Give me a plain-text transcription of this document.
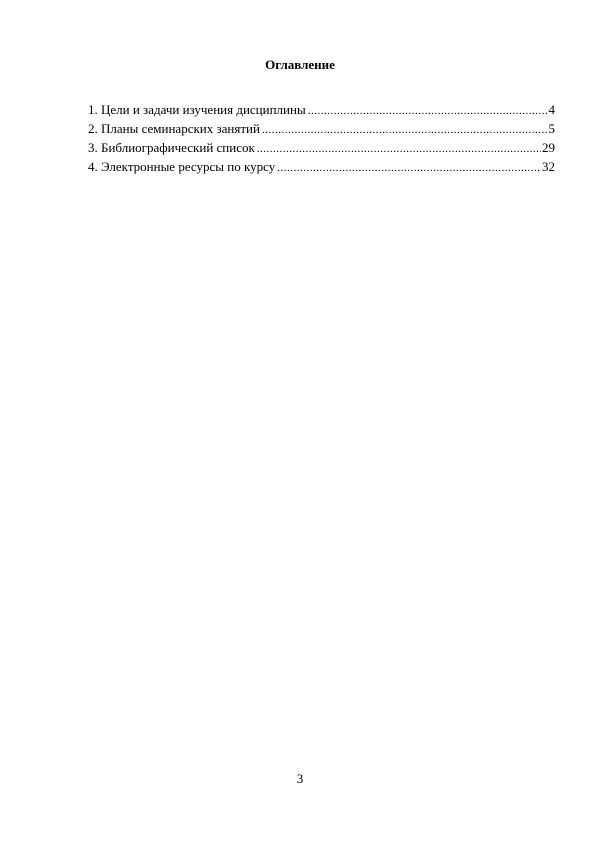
Оглавление
1. Цели и задачи изучения дисциплины .....	4
2. Планы семинарских занятий .....	5
3. Библиографический список .....	29
4. Электронные ресурсы по курсу .....	32
3
